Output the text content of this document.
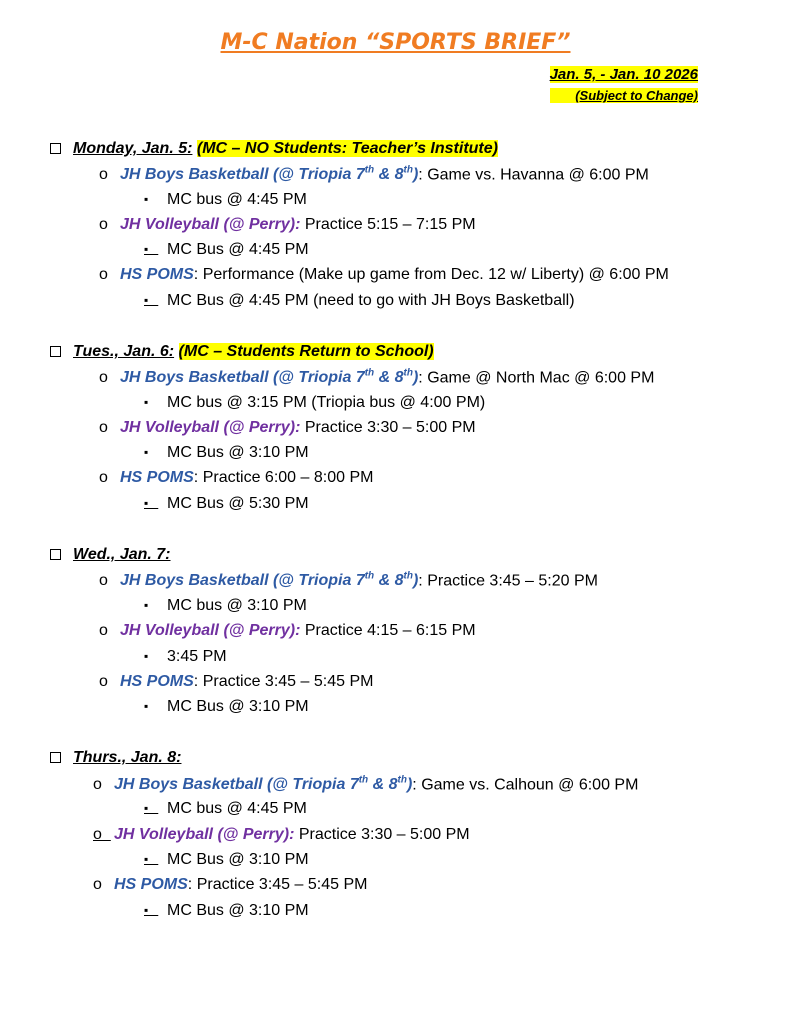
M-C Nation “SPORTS BRIEF”
Jan. 5, - Jan. 10 2026
(Subject to Change)
Monday, Jan. 5: (MC – NO Students: Teacher’s Institute)
o JH Boys Basketball (@ Triopia 7th & 8th): Game vs. Havanna @ 6:00 PM
▪ MC bus @ 4:45 PM
o JH Volleyball (@ Perry): Practice 5:15 – 7:15 PM
▪   MC Bus @ 4:45 PM
o HS POMS: Performance (Make up game from Dec. 12 w/ Liberty) @ 6:00 PM
▪   MC Bus @ 4:45 PM (need to go with JH Boys Basketball)
Tues., Jan. 6: (MC – Students Return to School)
o JH Boys Basketball (@ Triopia 7th & 8th): Game @ North Mac @ 6:00 PM
▪ MC bus @ 3:15 PM (Triopia bus @ 4:00 PM)
o JH Volleyball (@ Perry): Practice 3:30 – 5:00 PM
▪ MC Bus @ 3:10 PM
o HS POMS: Practice 6:00 – 8:00 PM
▪   MC Bus @ 5:30 PM
Wed., Jan. 7:
o JH Boys Basketball (@ Triopia 7th & 8th): Practice 3:45 – 5:20 PM
▪ MC bus @ 3:10 PM
o JH Volleyball (@ Perry): Practice 4:15 – 6:15 PM
▪ 3:45 PM
o HS POMS: Practice 3:45 – 5:45 PM
▪ MC Bus @ 3:10 PM
Thurs., Jan. 8:
o JH Boys Basketball (@ Triopia 7th & 8th): Game vs. Calhoun @ 6:00 PM
▪   MC bus @ 4:45 PM
o  JH Volleyball (@ Perry): Practice 3:30 – 5:00 PM
▪   MC Bus @ 3:10 PM
o HS POMS: Practice 3:45 – 5:45 PM
▪   MC Bus @ 3:10 PM
